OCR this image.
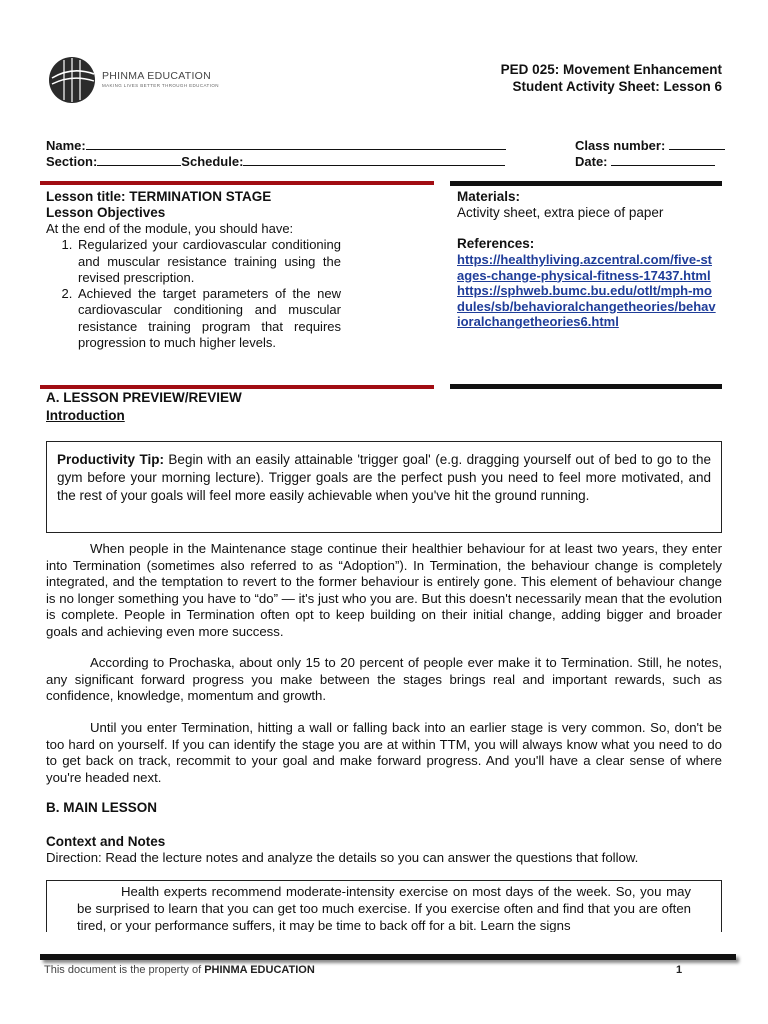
PHINMA EDUCATION
MAKING LIVES BETTER THROUGH EDUCATION
PED 025: Movement Enhancement
Student Activity Sheet: Lesson 6
Name:
Section:	Schedule:
Class number:
Date:
Lesson title: TERMINATION STAGE
Lesson Objectives
At the end of the module, you should have:
1. Regularized your cardiovascular conditioning and muscular resistance training using the revised prescription.
2. Achieved the target parameters of the new cardiovascular conditioning and muscular resistance training program that requires progression to much higher levels.
Materials:
Activity sheet, extra piece of paper
References:
https://healthyliving.azcentral.com/five-stages-change-physical-fitness-17437.html
https://sphweb.bumc.bu.edu/otlt/mph-modules/sb/behavioralchangetheories/behavioralchangetheories6.html
A. LESSON PREVIEW/REVIEW
Introduction
Productivity Tip: Begin with an easily attainable 'trigger goal' (e.g. dragging yourself out of bed to go to the gym before your morning lecture). Trigger goals are the perfect push you need to feel more motivated, and the rest of your goals will feel more easily achievable when you've hit the ground running.
When people in the Maintenance stage continue their healthier behaviour for at least two years, they enter into Termination (sometimes also referred to as “Adoption”). In Termination, the behaviour change is completely integrated, and the temptation to revert to the former behaviour is entirely gone. This element of behaviour change is no longer something you have to “do” — it's just who you are. But this doesn't necessarily mean that the evolution is complete. People in Termination often opt to keep building on their initial change, adding bigger and broader goals and achieving even more success.
According to Prochaska, about only 15 to 20 percent of people ever make it to Termination. Still, he notes, any significant forward progress you make between the stages brings real and important rewards, such as confidence, knowledge, momentum and growth.
Until you enter Termination, hitting a wall or falling back into an earlier stage is very common. So, don't be too hard on yourself. If you can identify the stage you are at within TTM, you will always know what you need to do to get back on track, recommit to your goal and make forward progress. And you'll have a clear sense of where you're headed next.
B. MAIN LESSON
Context and Notes
Direction: Read the lecture notes and analyze the details so you can answer the questions that follow.
Health experts recommend moderate-intensity exercise on most days of the week. So, you may be surprised to learn that you can get too much exercise. If you exercise often and find that you are often tired, or your performance suffers, it may be time to back off for a bit. Learn the signs
This document is the property of PHINMA EDUCATION	1
